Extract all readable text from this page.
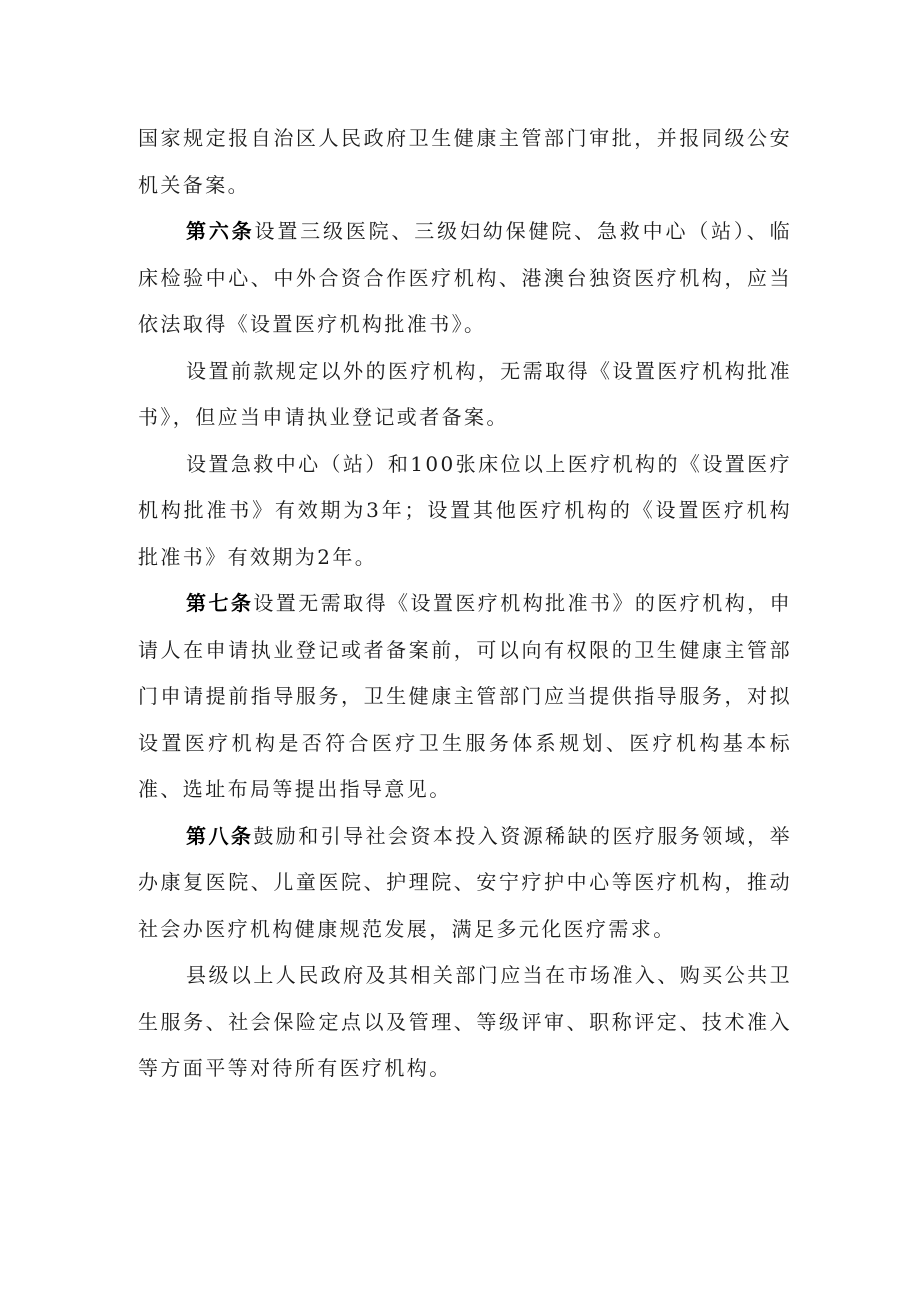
国家规定报自治区人民政府卫生健康主管部门审批，并报同级公安机关备案。

第六条设置三级医院、三级妇幼保健院、急救中心（站）、临床检验中心、中外合资合作医疗机构、港澳台独资医疗机构，应当依法取得《设置医疗机构批准书》。

设置前款规定以外的医疗机构，无需取得《设置医疗机构批准书》，但应当申请执业登记或者备案。

设置急救中心（站）和100张床位以上医疗机构的《设置医疗机构批准书》有效期为3年；设置其他医疗机构的《设置医疗机构批准书》有效期为2年。

第七条设置无需取得《设置医疗机构批准书》的医疗机构，申请人在申请执业登记或者备案前，可以向有权限的卫生健康主管部门申请提前指导服务，卫生健康主管部门应当提供指导服务，对拟设置医疗机构是否符合医疗卫生服务体系规划、医疗机构基本标准、选址布局等提出指导意见。

第八条鼓励和引导社会资本投入资源稀缺的医疗服务领域，举办康复医院、儿童医院、护理院、安宁疗护中心等医疗机构，推动社会办医疗机构健康规范发展，满足多元化医疗需求。

县级以上人民政府及其相关部门应当在市场准入、购买公共卫生服务、社会保险定点以及管理、等级评审、职称评定、技术准入等方面平等对待所有医疗机构。
